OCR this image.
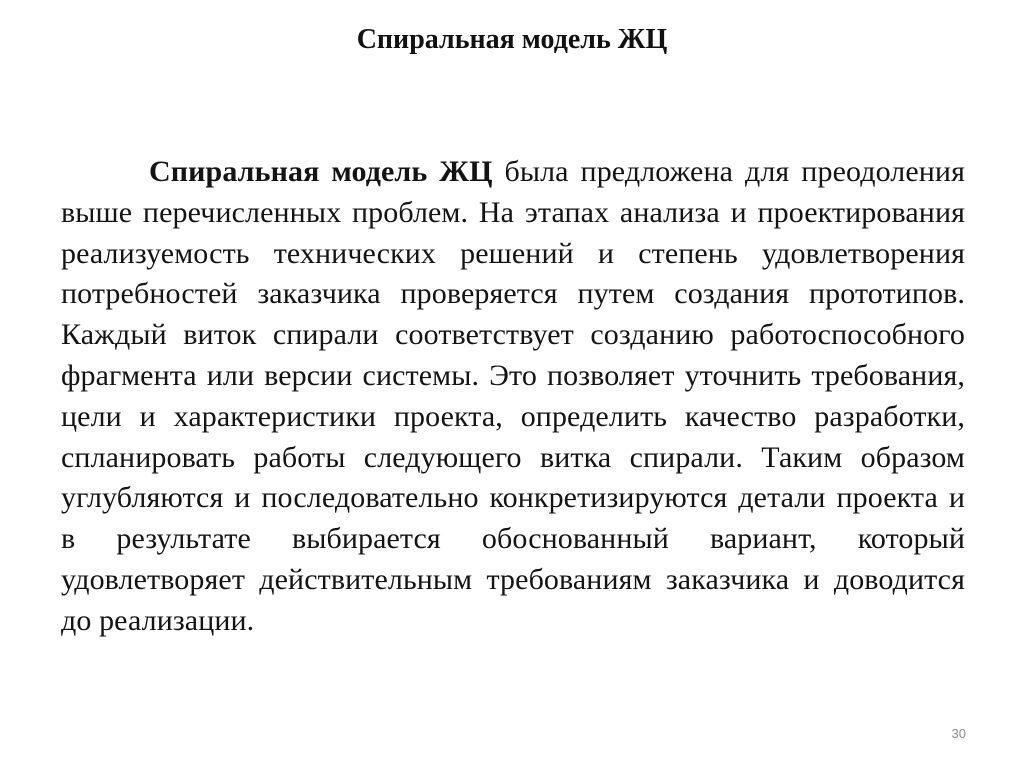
Спиральная модель ЖЦ

Спиральная модель ЖЦ была предложена для преодоления выше перечисленных проблем. На этапах анализа и проектирования реализуемость технических решений и степень удовлетворения потребностей заказчика проверяется путем создания прототипов. Каждый виток спирали соответствует созданию работоспособного фрагмента или версии системы. Это позволяет уточнить требования, цели и характеристики проекта, определить качество разработки, спланировать работы следующего витка спирали. Таким образом углубляются и последовательно конкретизируются детали проекта и в результате выбирается обоснованный вариант, который удовлетворяет действительным требованиям заказчика и доводится до реализации.

30
